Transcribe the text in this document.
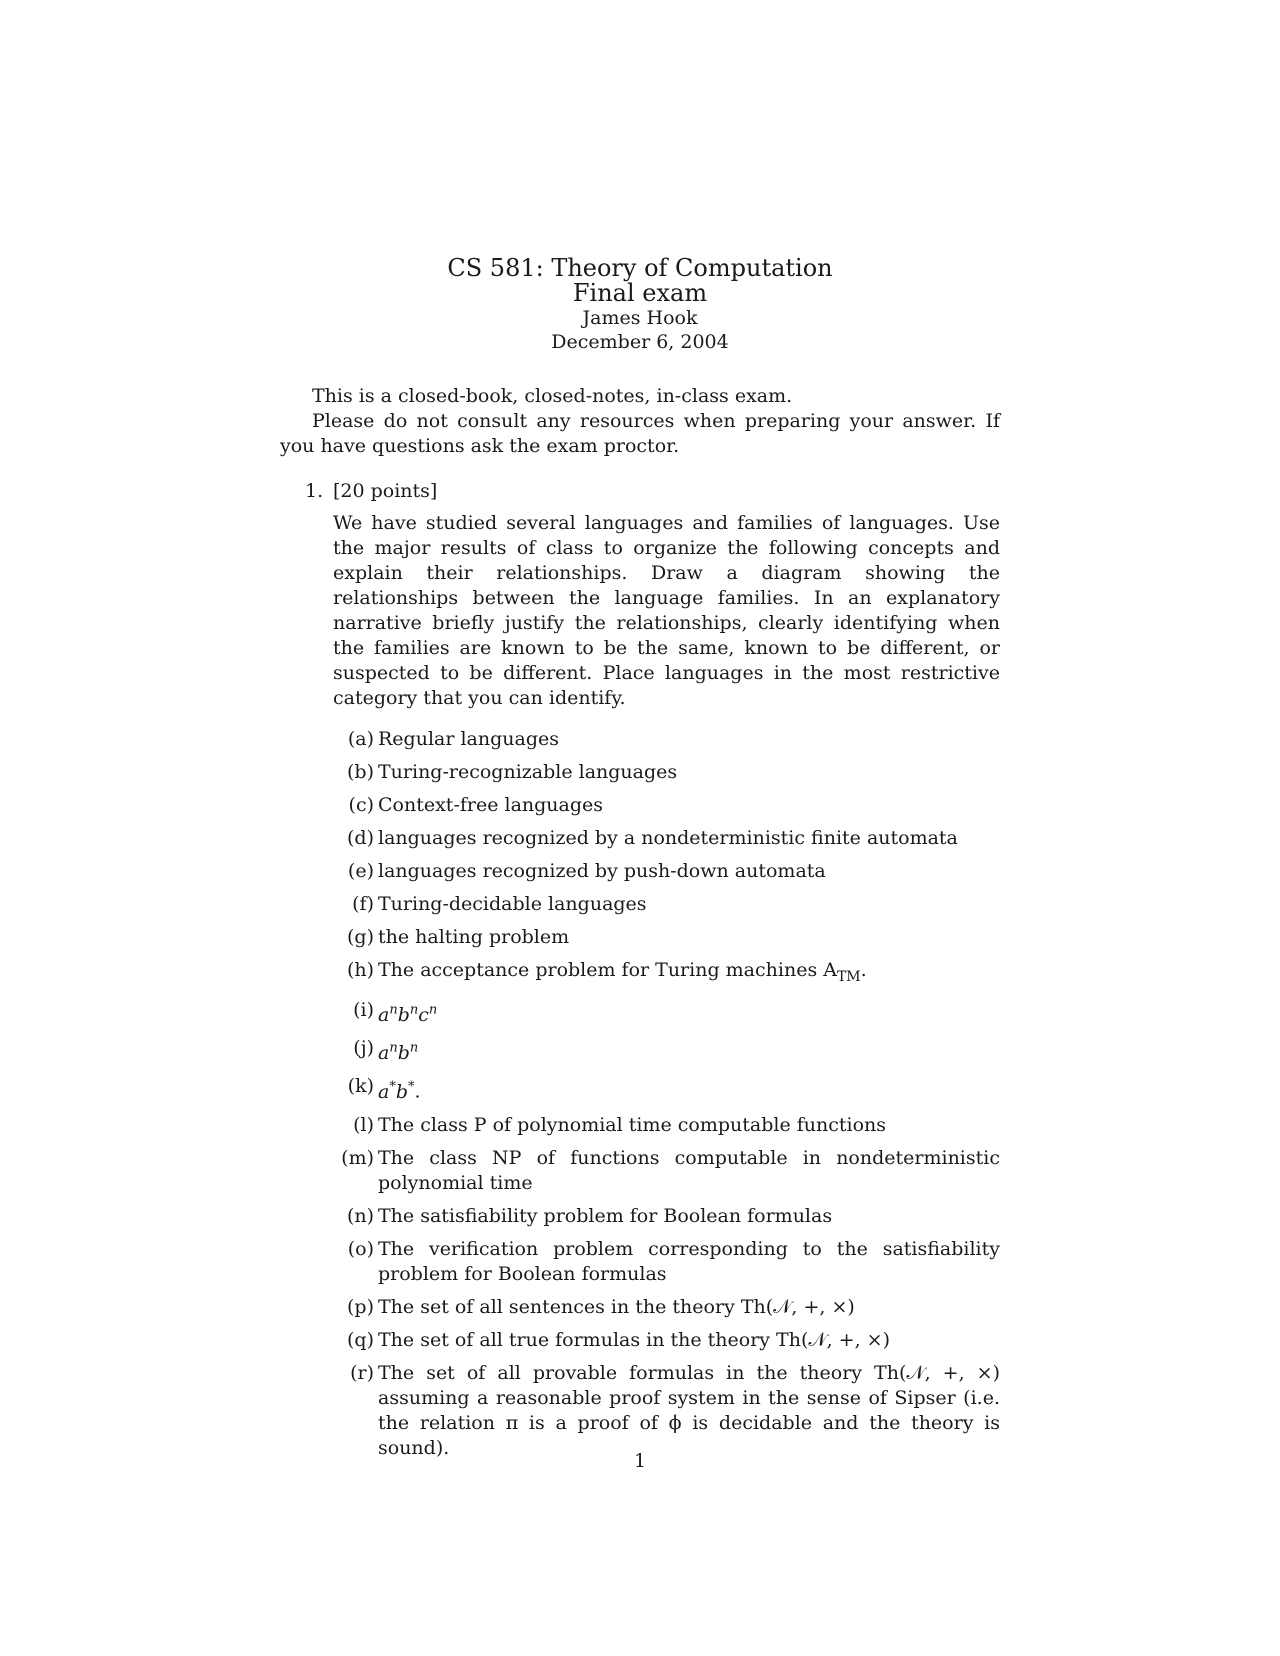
CS 581: Theory of Computation
Final exam
James Hook
December 6, 2004

This is a closed-book, closed-notes, in-class exam.

Please do not consult any resources when preparing your answer. If you have questions ask the exam proctor.

1. [20 points]
We have studied several languages and families of languages. Use the major results of class to organize the following concepts and explain their relationships. Draw a diagram showing the relationships between the language families. In an explanatory narrative briefly justify the relationships, clearly identifying when the families are known to be the same, known to be different, or suspected to be different. Place languages in the most restrictive category that you can identify.
(a) Regular languages
(b) Turing-recognizable languages
(c) Context-free languages
(d) languages recognized by a nondeterministic finite automata
(e) languages recognized by push-down automata
(f) Turing-decidable languages
(g) the halting problem
(h) The acceptance problem for Turing machines $A_{TM}$.
(i) $a^nb^nc^n$
(j) $a^nb^n$
(k) a*b*.
(l) The class P of polynomial time computable functions
(m) The class NP of functions computable in nondeterministic polynomial time
(n) The satisfiability problem for Boolean formulas
(o) The verification problem corresponding to the satisfiability problem for Boolean formulas
(p) The set of all sentences in the theory Th(𝒩, +, ×)
(q) The set of all true formulas in the theory Th(𝒩, +, ×)
(r) The set of all provable formulas in the theory Th(𝒩, +, ×) assuming a reasonable proof system in the sense of Sipser (i.e. the relation π is a proof of ϕ is decidable and the theory is sound).
1
